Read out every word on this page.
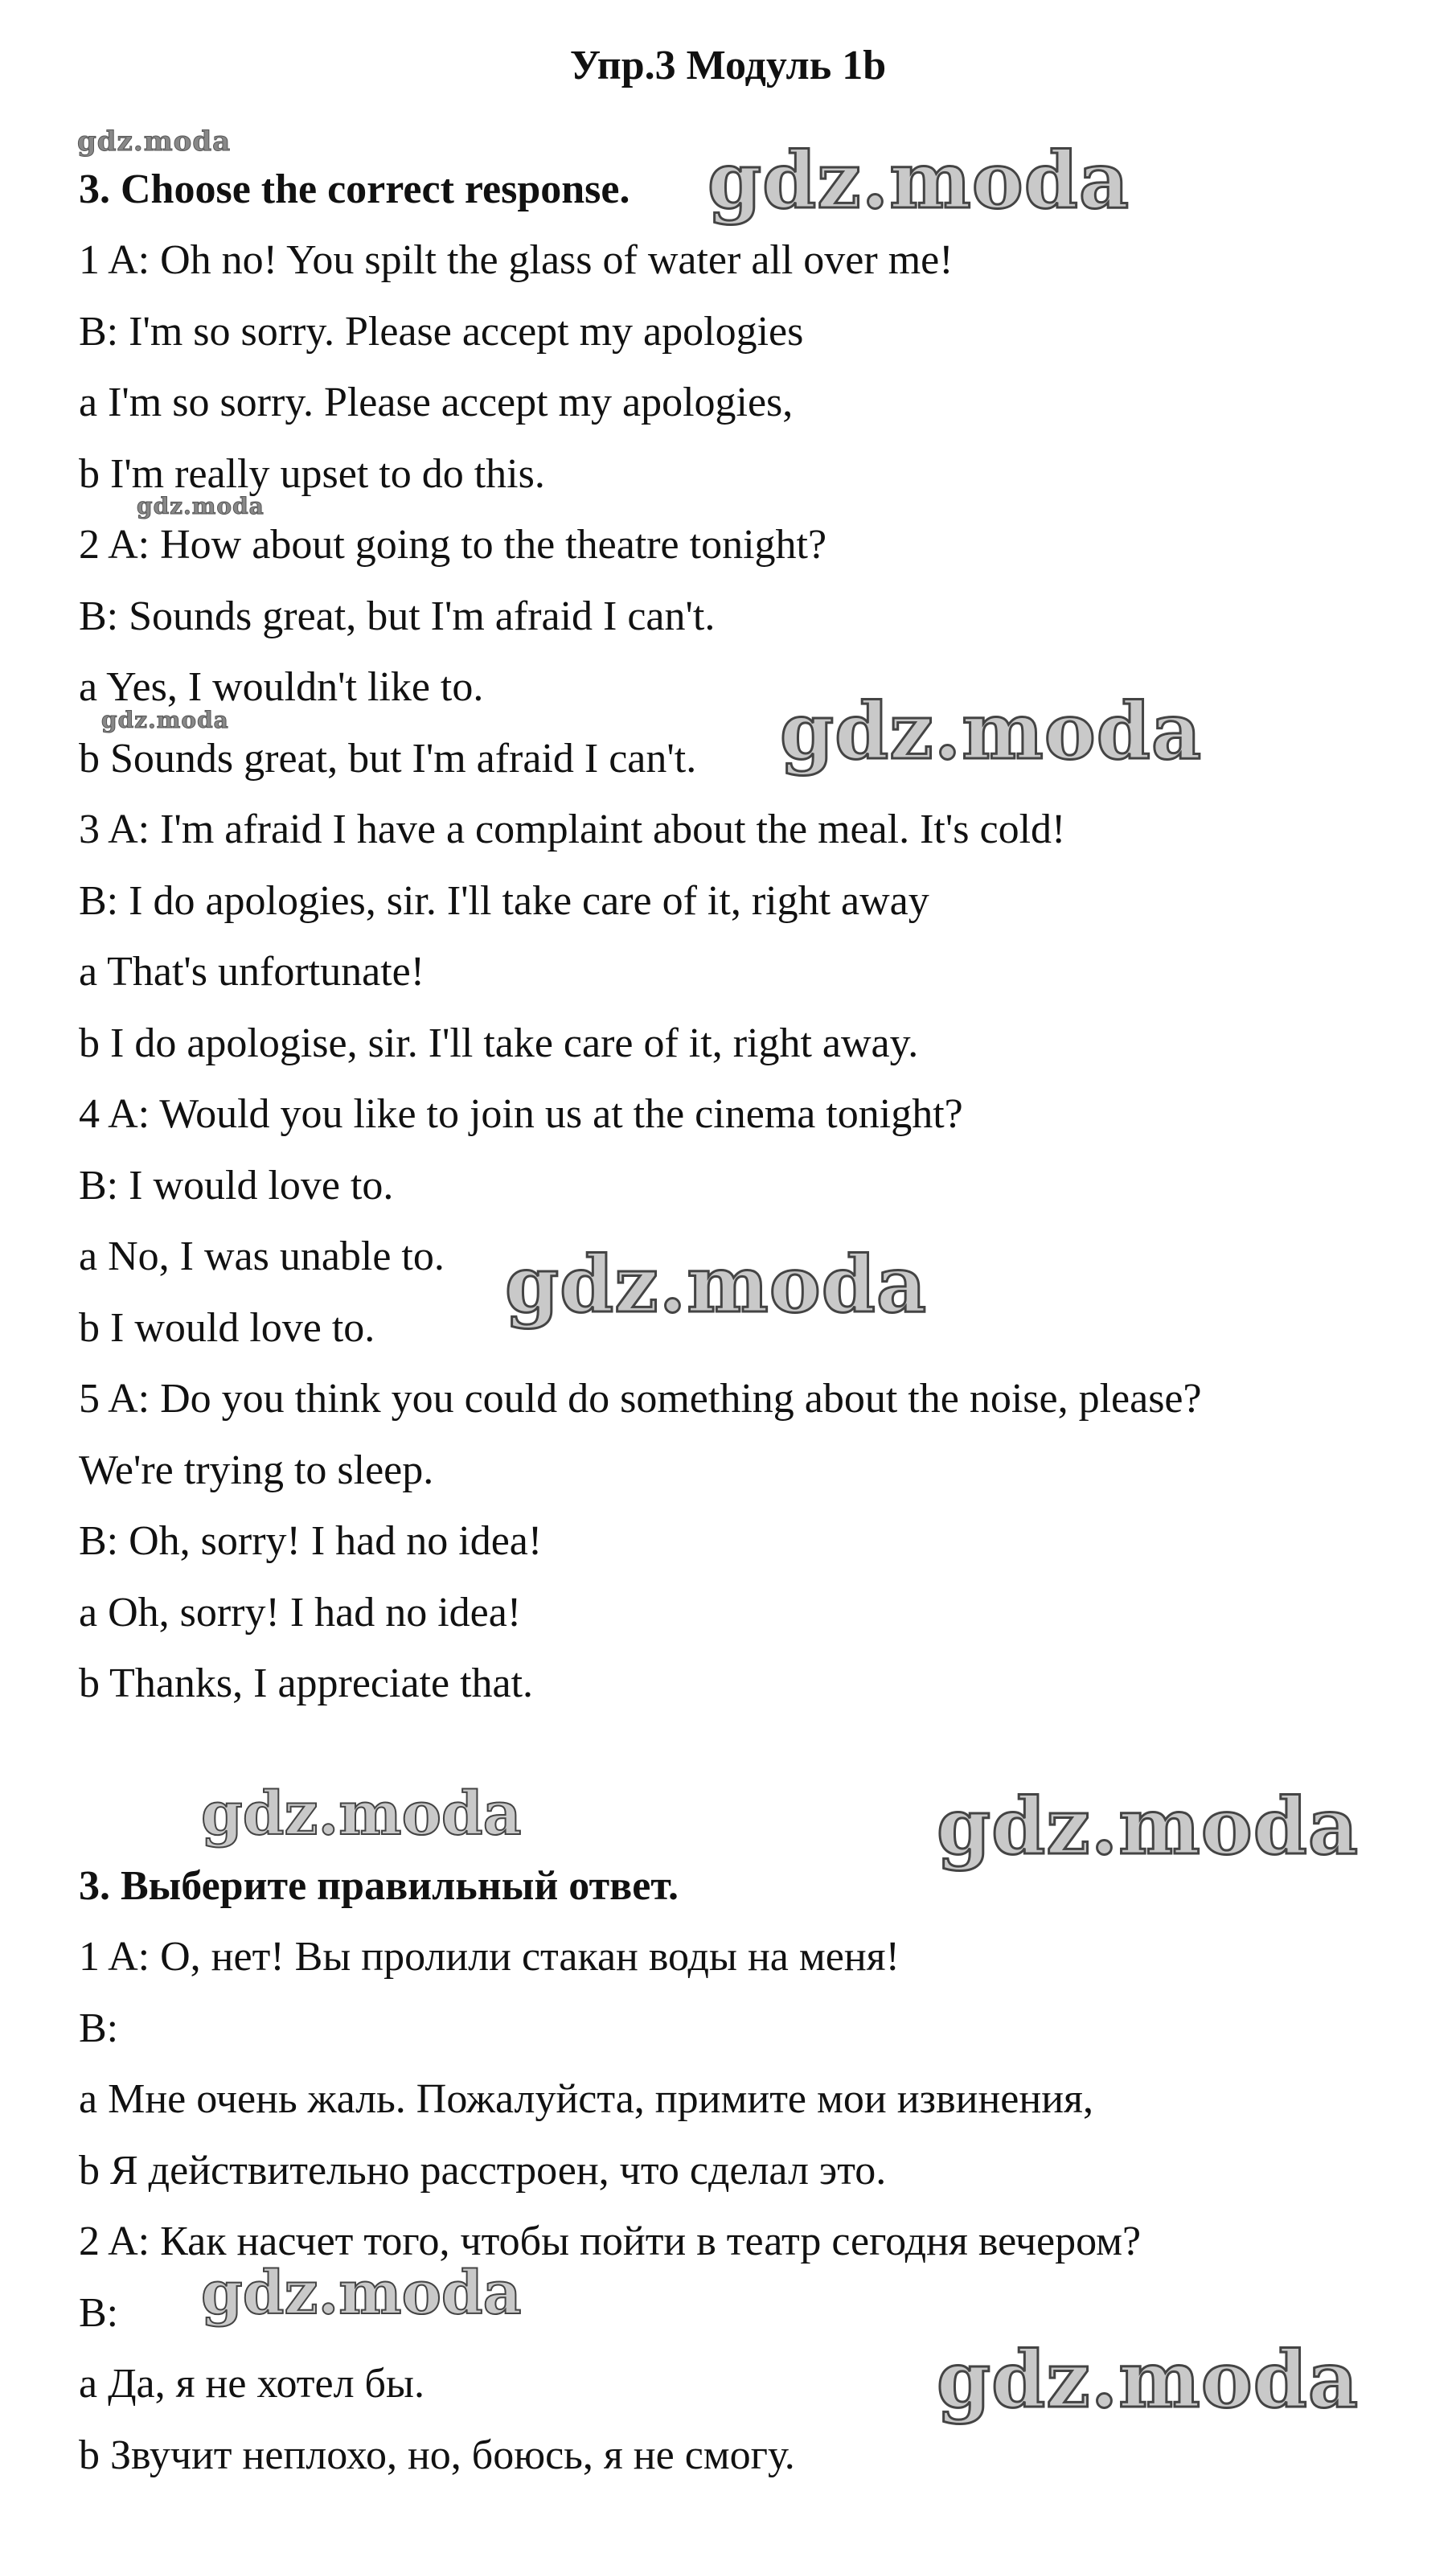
Упр.3 Модуль 1b
3. Choose the correct response.
1 A: Oh no! You spilt the glass of water all over me!
B: I'm so sorry. Please accept my apologies
a I'm so sorry. Please accept my apologies,
b I'm really upset to do this.
2 A: How about going to the theatre tonight?
B: Sounds great, but I'm afraid I can't.
a Yes, I wouldn't like to.
b Sounds great, but I'm afraid I can't.
3 A: I'm afraid I have a complaint about the meal. It's cold!
B: I do apologies, sir. I'll take care of it, right away
a That's unfortunate!
b I do apologise, sir. I'll take care of it, right away.
4 A: Would you like to join us at the cinema tonight?
B: I would love to.
a No, I was unable to.
b I would love to.
5 A: Do you think you could do something about the noise, please?
We're trying to sleep.
B: Oh, sorry! I had no idea!
a Oh, sorry! I had no idea!
b Thanks, I appreciate that.
3. Выберите правильный ответ.
1 A: О, нет! Вы пролили стакан воды на меня!
B:
a Мне очень жаль. Пожалуйста, примите мои извинения,
b Я действительно расстроен, что сделал это.
2 A: Как насчет того, чтобы пойти в театр сегодня вечером?
B:
a Да, я не хотел бы.
b Звучит неплохо, но, боюсь, я не смогу.
gdz.moda	gdz.moda
gdz.moda
gdz.moda	gdz.moda
gdz.moda
gdz.moda	gdz.moda
gdz.moda
gdz.moda
